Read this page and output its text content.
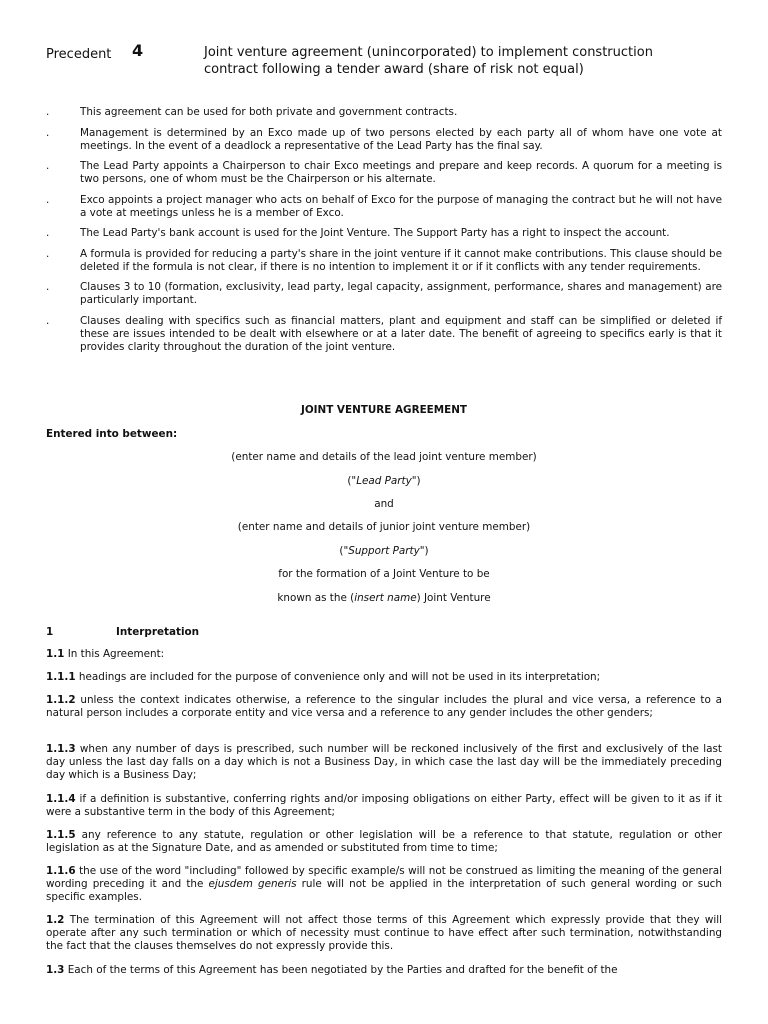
Precedent 4	Joint venture agreement (unincorporated) to implement construction contract following a tender award (share of risk not equal)
.	This agreement can be used for both private and government contracts.
.	Management is determined by an Exco made up of two persons elected by each party all of whom have one vote at meetings. In the event of a deadlock a representative of the Lead Party has the final say.
.	The Lead Party appoints a Chairperson to chair Exco meetings and prepare and keep records. A quorum for a meeting is two persons, one of whom must be the Chairperson or his alternate.
.	Exco appoints a project manager who acts on behalf of Exco for the purpose of managing the contract but he will not have a vote at meetings unless he is a member of Exco.
.	The Lead Party's bank account is used for the Joint Venture. The Support Party has a right to inspect the account.
.	A formula is provided for reducing a party's share in the joint venture if it cannot make contributions. This clause should be deleted if the formula is not clear, if there is no intention to implement it or if it conflicts with any tender requirements.
.	Clauses 3 to 10 (formation, exclusivity, lead party, legal capacity, assignment, performance, shares and management) are particularly important.
.	Clauses dealing with specifics such as financial matters, plant and equipment and staff can be simplified or deleted if these are issues intended to be dealt with elsewhere or at a later date. The benefit of agreeing to specifics early is that it provides clarity throughout the duration of the joint venture.
JOINT VENTURE AGREEMENT
Entered into between:
(enter name and details of the lead joint venture member)
("Lead Party")
and
(enter name and details of junior joint venture member)
("Support Party")
for the formation of a Joint Venture to be
known as the (insert name) Joint Venture
1	Interpretation
1.1 In this Agreement:
1.1.1 headings are included for the purpose of convenience only and will not be used in its interpretation;
1.1.2 unless the context indicates otherwise, a reference to the singular includes the plural and vice versa, a reference to a natural person includes a corporate entity and vice versa and a reference to any gender includes the other genders;
1.1.3 when any number of days is prescribed, such number will be reckoned inclusively of the first and exclusively of the last day unless the last day falls on a day which is not a Business Day, in which case the last day will be the immediately preceding day which is a Business Day;
1.1.4 if a definition is substantive, conferring rights and/or imposing obligations on either Party, effect will be given to it as if it were a substantive term in the body of this Agreement;
1.1.5 any reference to any statute, regulation or other legislation will be a reference to that statute, regulation or other legislation as at the Signature Date, and as amended or substituted from time to time;
1.1.6 the use of the word "including" followed by specific example/s will not be construed as limiting the meaning of the general wording preceding it and the ejusdem generis rule will not be applied in the interpretation of such general wording or such specific examples.
1.2 The termination of this Agreement will not affect those terms of this Agreement which expressly provide that they will operate after any such termination or which of necessity must continue to have effect after such termination, notwithstanding the fact that the clauses themselves do not expressly provide this.
1.3 Each of the terms of this Agreement has been negotiated by the Parties and drafted for the benefit of the
